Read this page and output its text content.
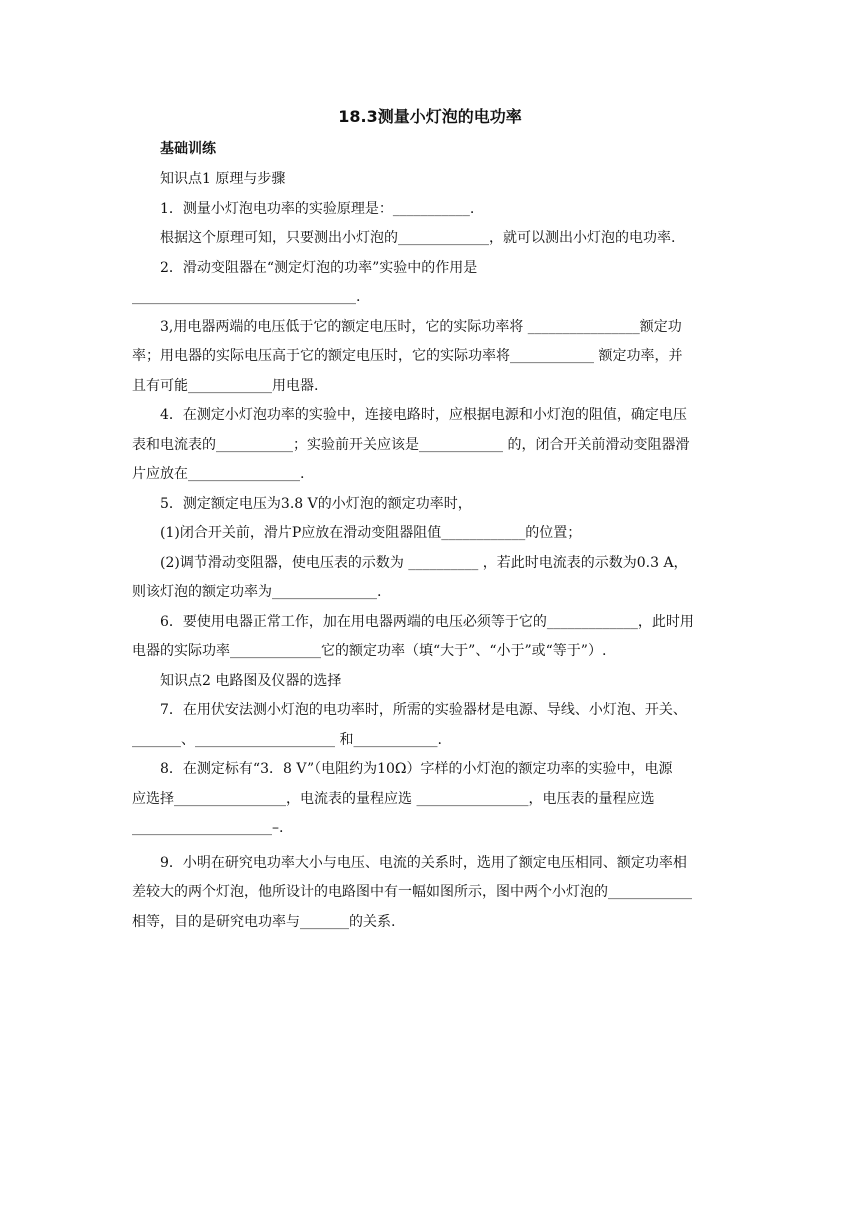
18.3测量小灯泡的电功率
基础训练
知识点1 原理与步骤
1．测量小灯泡电功率的实验原理是：___________.
根据这个原理可知，只要测出小灯泡的_____________，就可以测出小灯泡的电功率.
2．滑动变阻器在“测定灯泡的功率”实验中的作用是
________________________________.
3,用电器两端的电压低于它的额定电压时，它的实际功率将 ________________额定功
率；用电器的实际电压高于它的额定电压时，它的实际功率将____________ 额定功率，并
且有可能____________用电器.
4．在测定小灯泡功率的实验中，连接电路时，应根据电源和小灯泡的阻值，确定电压
表和电流表的___________；实验前开关应该是____________ 的，闭合开关前滑动变阻器滑
片应放在________________.
5．测定额定电压为3.8 V的小灯泡的额定功率时，
(1)闭合开关前，滑片P应放在滑动变阻器阻值____________的位置；
(2)调节滑动变阻器，使电压表的示数为 __________ ，若此时电流表的示数为0.3 A，
则该灯泡的额定功率为_______________.
6．要使用电器正常工作，加在用电器两端的电压必须等于它的_____________，此时用
电器的实际功率_____________它的额定功率（填“大于”、“小于”或“等于”）.
知识点2 电路图及仪器的选择
7．在用伏安法测小灯泡的电功率时，所需的实验器材是电源、导线、小灯泡、开关、
_______、____________________ 和____________.
8．在测定标有“3．8 V”（电阻约为10Ω）字样的小灯泡的额定功率的实验中，电源
应选择________________，电流表的量程应选 ________________，电压表的量程应选
____________________–.
9．小明在研究电功率大小与电压、电流的关系时，选用了额定电压相同、额定功率相
差较大的两个灯泡，他所设计的电路图中有一幅如图所示，图中两个小灯泡的____________
相等，目的是研究电功率与_______的关系.
